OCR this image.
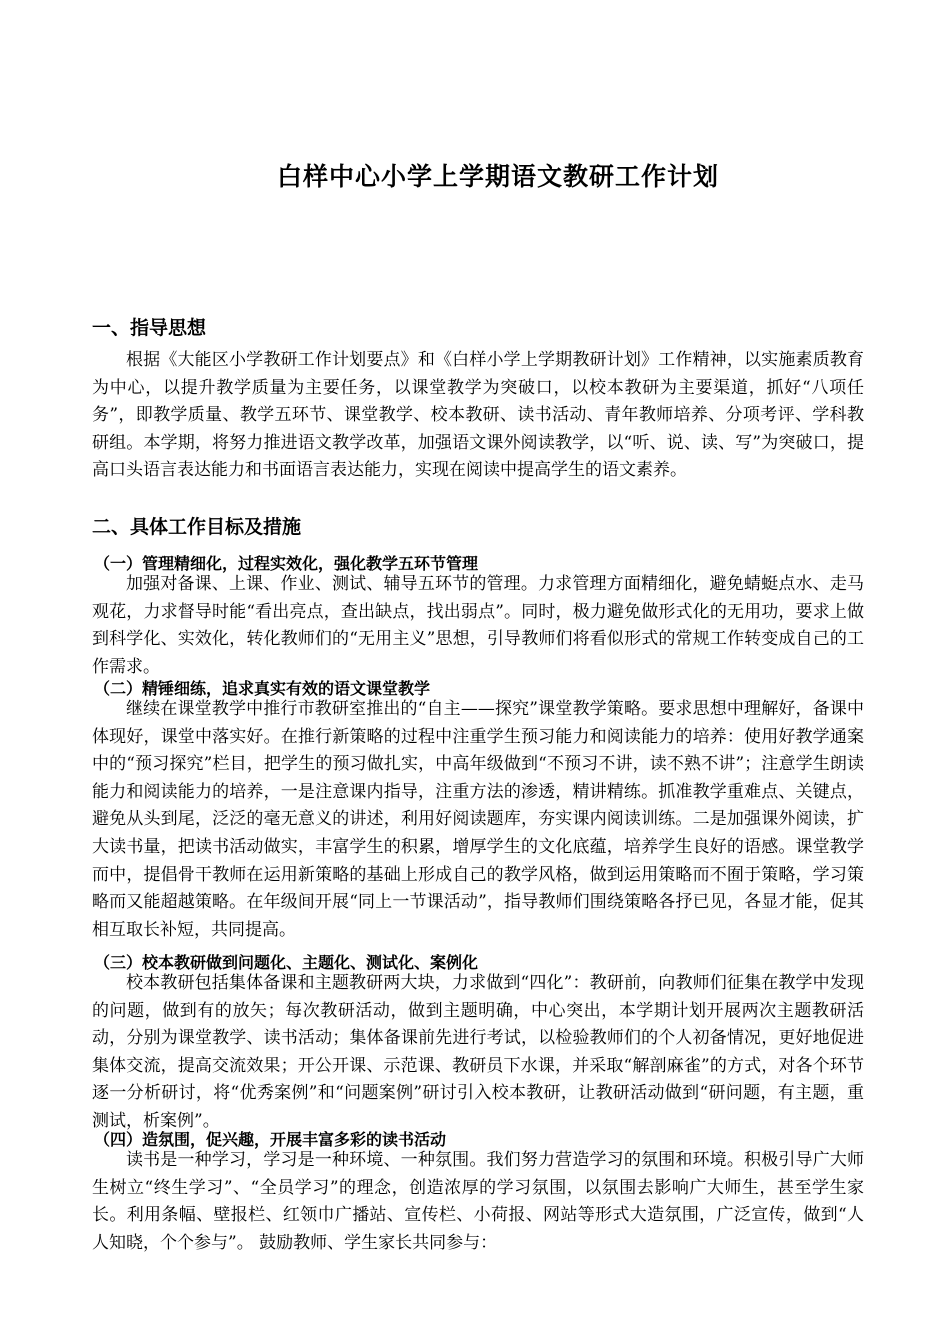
白样中心小学上学期语文教研工作计划
一、指导思想

根据《大能区小学教研工作计划要点》和《白样小学上学期教研计划》工作精神，以实施素质教育为中心，以提升教学质量为主要任务，以课堂教学为突破口，以校本教研为主要渠道，抓好“八项任务”，即教学质量、教学五环节、课堂教学、校本教研、读书活动、青年教师培养、分项考评、学科教研组。本学期，将努力推进语文教学改革，加强语文课外阅读教学，以“听、说、读、写”为突破口，提高口头语言表达能力和书面语言表达能力，实现在阅读中提高学生的语文素养。

二、具体工作目标及措施
（一）管理精细化，过程实效化，强化教学五环节管理

加强对备课、上课、作业、测试、辅导五环节的管理。力求管理方面精细化，避免蜻蜓点水、走马观花，力求督导时能“看出亮点，查出缺点，找出弱点”。同时，极力避免做形式化的无用功，要求上做到科学化、实效化，转化教师们的“无用主义”思想，引导教师们将看似形式的常规工作转变成自己的工作需求。

（二）精锤细练，追求真实有效的语文课堂教学

继续在课堂教学中推行市教研室推出的“自主——探究”课堂教学策略。要求思想中理解好，备课中体现好，课堂中落实好。在推行新策略的过程中注重学生预习能力和阅读能力的培养：使用好教学通案中的“预习探究”栏目，把学生的预习做扎实，中高年级做到“不预习不讲，读不熟不讲”；注意学生朗读能力和阅读能力的培养，一是注意课内指导，注重方法的渗透，精讲精练。抓准教学重难点、关键点，避免从头到尾，泛泛的毫无意义的讲述，利用好阅读题库，夯实课内阅读训练。二是加强课外阅读，扩大读书量，把读书活动做实，丰富学生的积累，增厚学生的文化底蕴，培养学生良好的语感。课堂教学而中，提倡骨干教师在运用新策略的基础上形成自己的教学风格，做到运用策略而不囿于策略，学习策略而又能超越策略。在年级间开展“同上一节课活动”，指导教师们围绕策略各抒已见，各显才能，促其相互取长补短，共同提高。

（三）校本教研做到问题化、主题化、测试化、案例化

校本教研包括集体备课和主题教研两大块，力求做到“四化”：教研前，向教师们征集在教学中发现的问题，做到有的放矢；每次教研活动，做到主题明确，中心突出，本学期计划开展两次主题教研活动，分别为课堂教学、读书活动；集体备课前先进行考试，以检验教师们的个人初备情况，更好地促进集体交流，提高交流效果；开公开课、示范课、教研员下水课，并采取“解剖麻雀”的方式，对各个环节逐一分析研讨，将“优秀案例”和“问题案例”研讨引入校本教研，让教研活动做到“研问题，有主题，重测试，析案例”。

（四）造氛围，促兴趣，开展丰富多彩的读书活动

读书是一种学习，学习是一种环境、一种氛围。我们努力营造学习的氛围和环境。积极引导广大师生树立“终生学习”、“全员学习”的理念，创造浓厚的学习氛围，以氛围去影响广大师生，甚至学生家长。利用条幅、壁报栏、红领巾广播站、宣传栏、小荷报、网站等形式大造氛围，广泛宣传，做到“人人知晓，个个参与”。 鼓励教师、学生家长共同参与：
